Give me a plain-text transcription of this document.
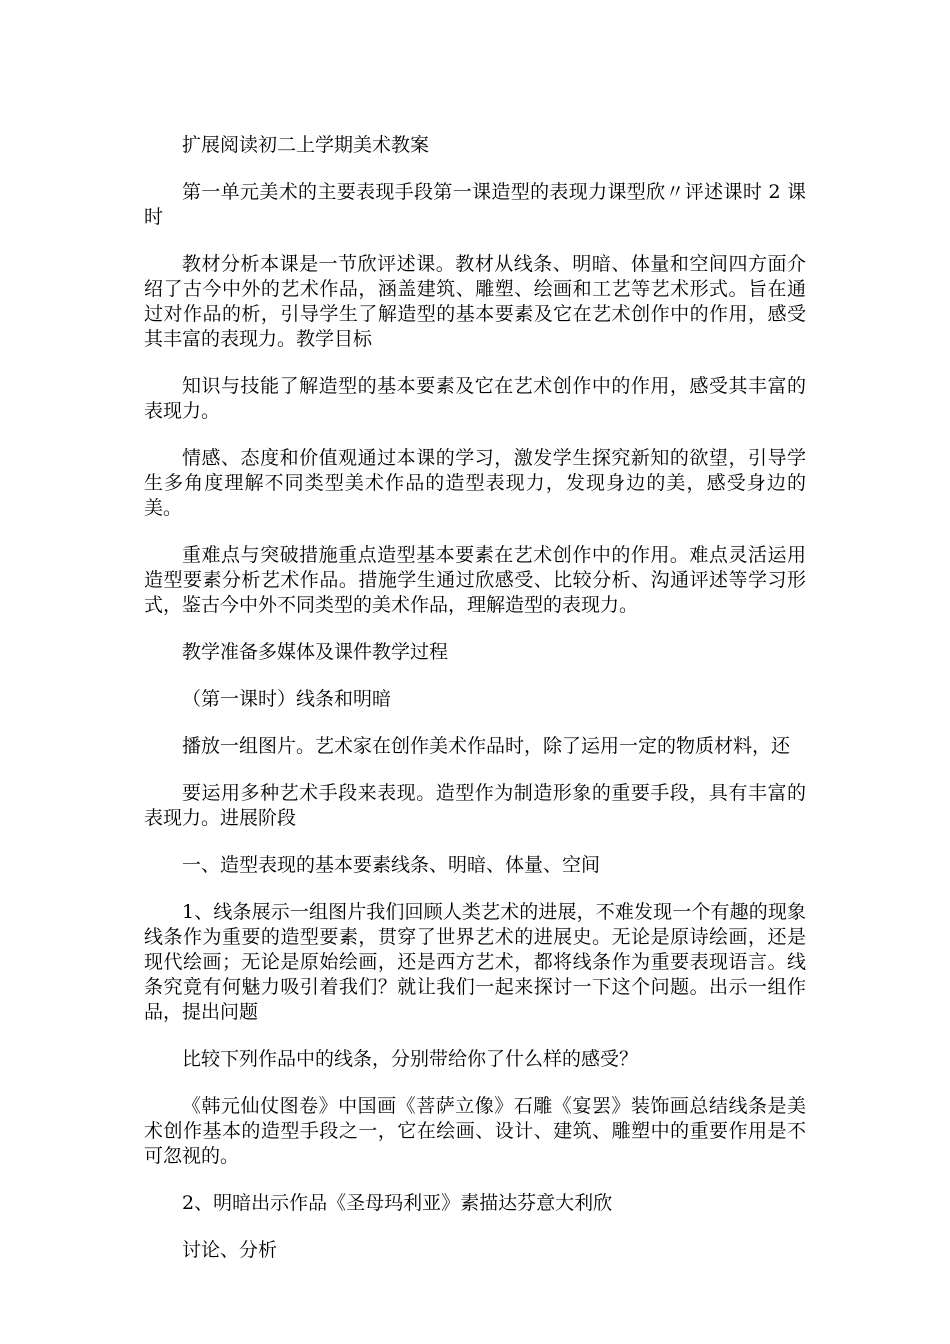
扩展阅读初二上学期美术教案

第一单元美术的主要表现手段第一课造型的表现力课型欣〃评述课时 2 课时

教材分析本课是一节欣评述课。教材从线条、明暗、体量和空间四方面介绍了古今中外的艺术作品，涵盖建筑、雕塑、绘画和工艺等艺术形式。旨在通过对作品的析，引导学生了解造型的基本要素及它在艺术创作中的作用，感受其丰富的表现力。教学目标

知识与技能了解造型的基本要素及它在艺术创作中的作用，感受其丰富的表现力。

情感、态度和价值观通过本课的学习，激发学生探究新知的欲望，引导学生多角度理解不同类型美术作品的造型表现力，发现身边的美，感受身边的美。

重难点与突破措施重点造型基本要素在艺术创作中的作用。难点灵活运用造型要素分析艺术作品。措施学生通过欣感受、比较分析、沟通评述等学习形式，鉴古今中外不同类型的美术作品，理解造型的表现力。

教学准备多媒体及课件教学过程

（第一课时）线条和明暗

播放一组图片。艺术家在创作美术作品时，除了运用一定的物质材料，还

要运用多种艺术手段来表现。造型作为制造形象的重要手段，具有丰富的表现力。进展阶段

一、造型表现的基本要素线条、明暗、体量、空间

1、线条展示一组图片我们回顾人类艺术的进展，不难发现一个有趣的现象线条作为重要的造型要素，贯穿了世界艺术的进展史。无论是原诗绘画，还是现代绘画；无论是原始绘画，还是西方艺术，都将线条作为重要表现语言。线条究竟有何魅力吸引着我们？就让我们一起来探讨一下这个问题。出示一组作品，提出问题

比较下列作品中的线条，分别带给你了什么样的感受？

《韩元仙仗图卷》中国画《菩萨立像》石雕《宴罢》装饰画总结线条是美术创作基本的造型手段之一，它在绘画、设计、建筑、雕塑中的重要作用是不可忽视的。

2、明暗出示作品《圣母玛利亚》素描达芬意大利欣

讨论、分析
